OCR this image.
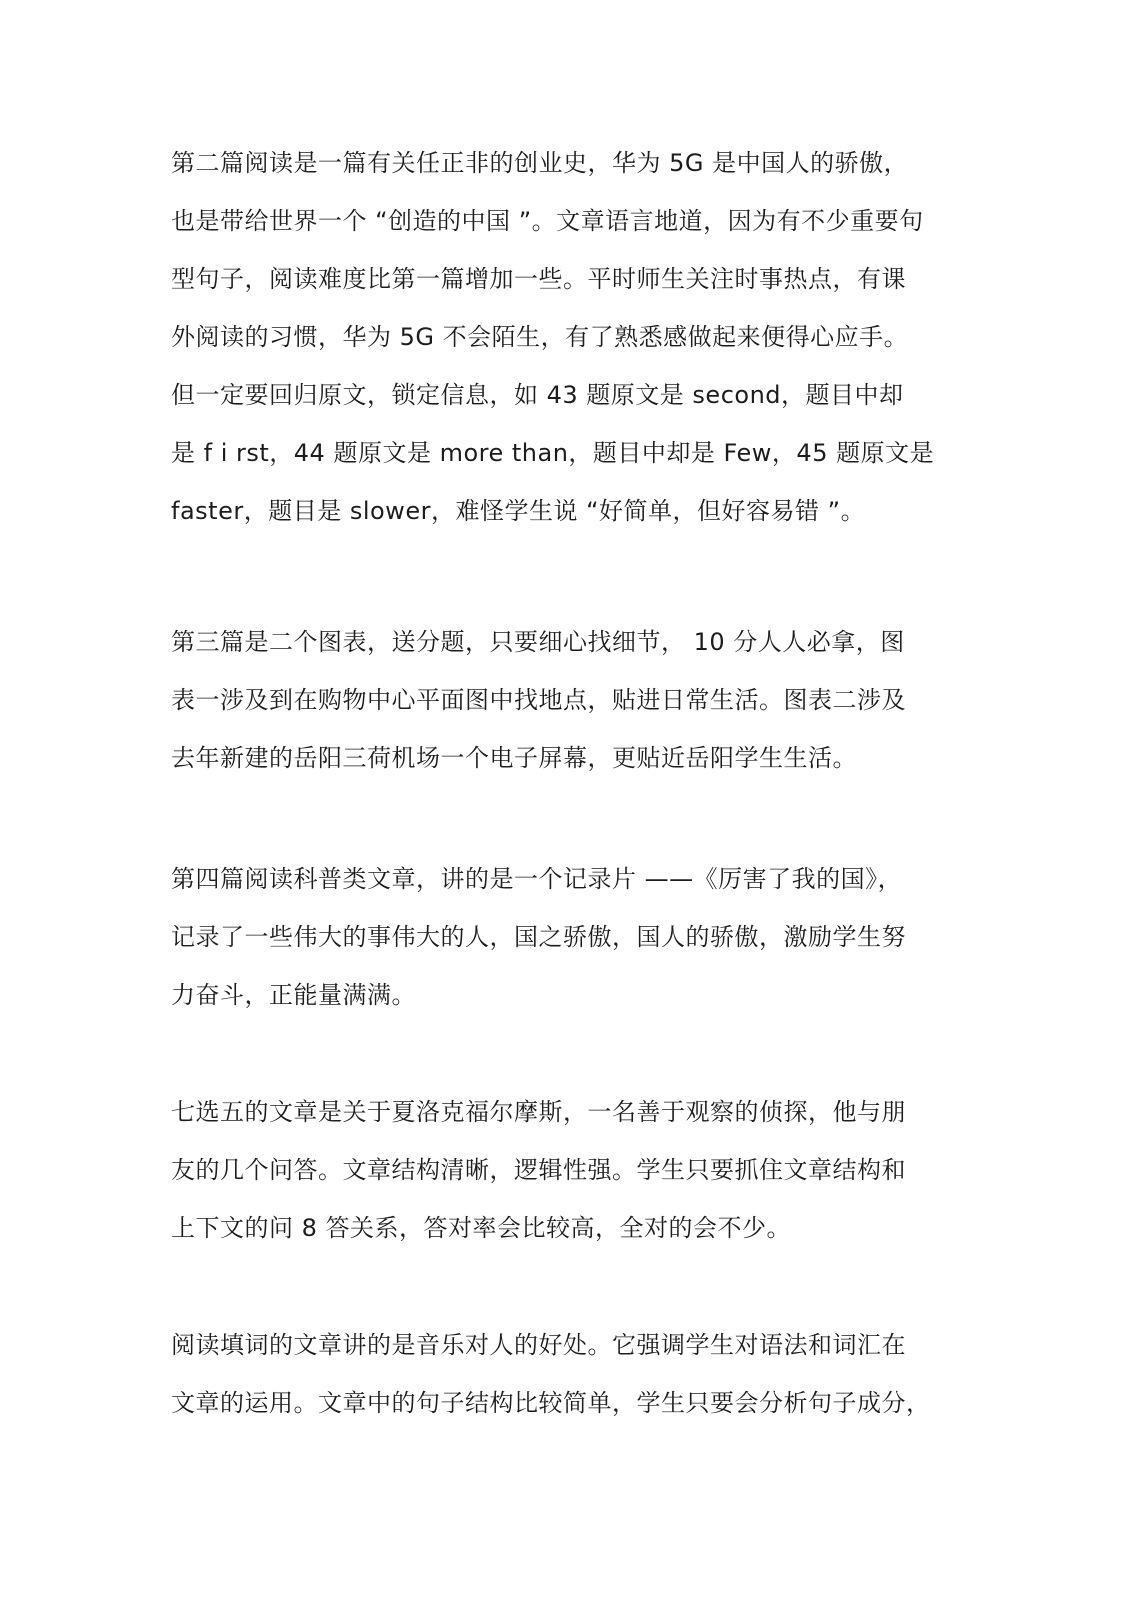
第二篇阅读是一篇有关任正非的创业史，华为 5G 是中国人的骄傲，
也是带给世界一个 “创造的中国 ”。文章语言地道，因为有不少重要句
型句子，阅读难度比第一篇增加一些。平时师生关注时事热点，有课
外阅读的习惯，华为 5G 不会陌生，有了熟悉感做起来便得心应手。
但一定要回归原文，锁定信息，如 43 题原文是 second，题目中却
是 f i rst，44 题原文是 more than，题目中却是 Few，45 题原文是
faster，题目是 slower，难怪学生说 “好简单，但好容易错 ”。

第三篇是二个图表，送分题，只要细心找细节， 10 分人人必拿，图
表一涉及到在购物中心平面图中找地点，贴进日常生活。图表二涉及
去年新建的岳阳三荷机场一个电子屏幕，更贴近岳阳学生生活。

第四篇阅读科普类文章，讲的是一个记录片 ——《厉害了我的国》，
记录了一些伟大的事伟大的人，国之骄傲，国人的骄傲，激励学生努
力奋斗，正能量满满。

七选五的文章是关于夏洛克福尔摩斯，一名善于观察的侦探，他与朋
友的几个问答。文章结构清晰，逻辑性强。学生只要抓住文章结构和
上下文的问 8 答关系，答对率会比较高，全对的会不少。

阅读填词的文章讲的是音乐对人的好处。它强调学生对语法和词汇在
文章的运用。文章中的句子结构比较简单，学生只要会分析句子成分，
